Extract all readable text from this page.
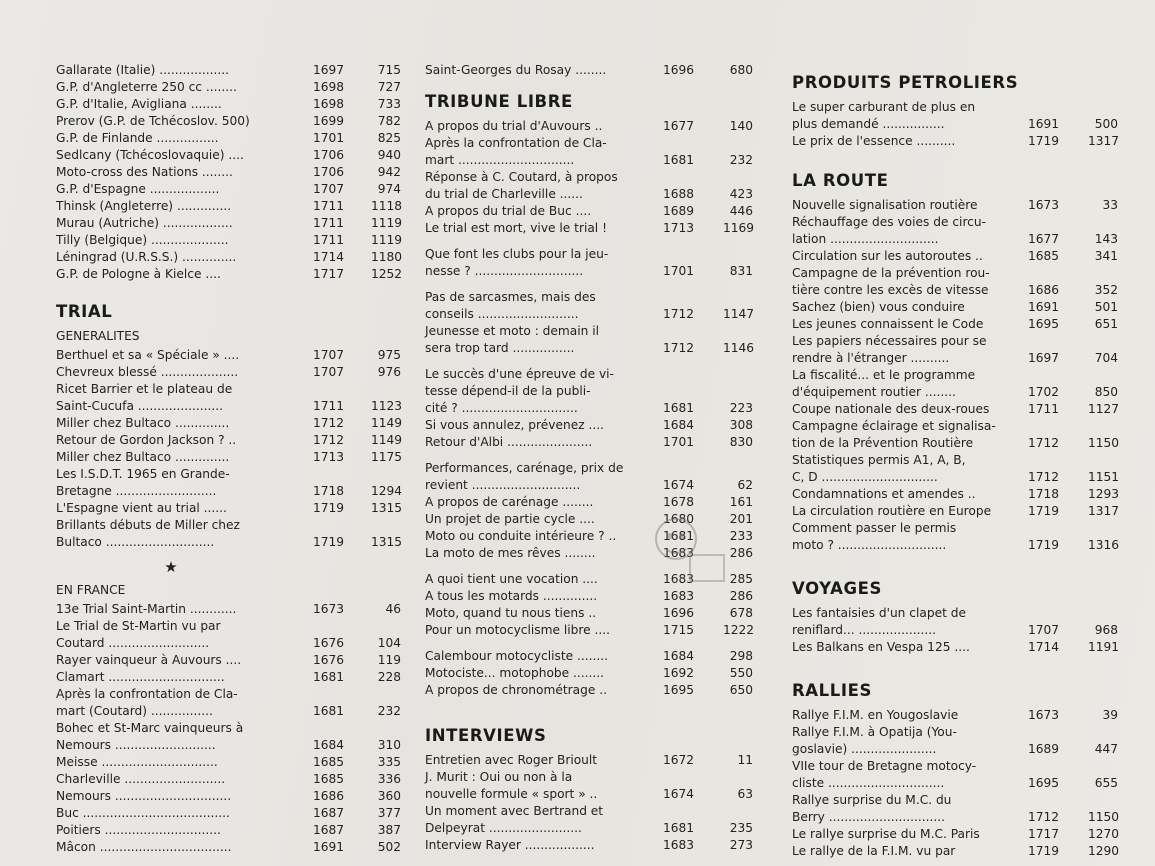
Gallarate (Italie) ..................	1697	715
G.P. d'Angleterre 250 cc ........	1698	727
G.P. d'Italie, Avigliana ........	1698	733
Prerov (G.P. de Tchécoslov. 500)	1699	782
G.P. de Finlande ................	1701	825
Sedlcany (Tchécoslovaquie) ....	1706	940
Moto-cross des Nations ........	1706	942
G.P. d'Espagne ..................	1707	974
Thinsk (Angleterre) ..............	1711	1118
Murau (Autriche) ..................	1711	1119
Tilly (Belgique) ....................	1711	1119
Léningrad (U.R.S.S.) ..............	1714	1180
G.P. de Pologne à Kielce ....	1717	1252
TRIAL
GENERALITES
Berthuel et sa « Spéciale » ....	1707	975
Chevreux blessé ....................	1707	976
Ricet Barrier et le plateau de
Saint-Cucufa ......................	1711	1123
Miller chez Bultaco ..............	1712	1149
Retour de Gordon Jackson ? ..	1712	1149
Miller chez Bultaco ..............	1713	1175
Les I.S.D.T. 1965 en Grande-
Bretagne ..........................	1718	1294
L'Espagne vient au trial ......	1719	1315
Brillants débuts de Miller chez
Bultaco ............................	1719	1315
★
EN FRANCE
13e Trial Saint-Martin ............	1673	46
Le Trial de St-Martin vu par
Coutard ..........................	1676	104
Rayer vainqueur à Auvours ....	1676	119
Clamart ..............................	1681	228
Après la confrontation de Cla-
mart (Coutard) ................	1681	232
Bohec et St-Marc vainqueurs à
Nemours ..........................	1684	310
Meisse ..............................	1685	335
Charleville ..........................	1685	336
Nemours ..............................	1686	360
Buc ......................................	1687	377
Poitiers ..............................	1687	387
Mâcon ..................................	1691	502
Saint-Georges du Rosay ........	1696	680
TRIBUNE LIBRE
A propos du trial d'Auvours ..	1677	140
Après la confrontation de Cla-
mart ..............................	1681	232
Réponse à C. Coutard, à propos
du trial de Charleville ......	1688	423
A propos du trial de Buc ....	1689	446
Le trial est mort, vive le trial !	1713	1169
Que font les clubs pour la jeu-
nesse ? ............................	1701	831
Pas de sarcasmes, mais des
conseils ..........................	1712	1147
Jeunesse et moto : demain il
sera trop tard ................	1712	1146
Le succès d'une épreuve de vi-
tesse dépend-il de la publi-
cité ? ..............................	1681	223
Si vous annulez, prévenez ....	1684	308
Retour d'Albi ......................	1701	830
Performances, carénage, prix de
revient ............................	1674	62
A propos de carénage ........	1678	161
Un projet de partie cycle ....	1680	201
Moto ou conduite intérieure ? ..	1681	233
La moto de mes rêves ........	1683	286
A quoi tient une vocation ....	1683	285
A tous les motards ..............	1683	286
Moto, quand tu nous tiens ..	1696	678
Pour un motocyclisme libre ....	1715	1222
Calembour motocycliste ........	1684	298
Motociste... motophobe ........	1692	550
A propos de chronométrage ..	1695	650
INTERVIEWS
Entretien avec Roger Brioult	1672	11
J. Murit : Oui ou non à la
nouvelle formule « sport » ..	1674	63
Un moment avec Bertrand et
Delpeyrat ........................	1681	235
Interview Rayer ..................	1683	273
PRODUITS PETROLIERS
Le super carburant de plus en
plus demandé ................	1691	500
Le prix de l'essence ..........	1719	1317
LA ROUTE
Nouvelle signalisation routière	1673	33
Réchauffage des voies de circu-
lation ............................	1677	143
Circulation sur les autoroutes ..	1685	341
Campagne de la prévention rou-
tière contre les excès de vitesse	1686	352
Sachez (bien) vous conduire	1691	501
Les jeunes connaissent le Code	1695	651
Les papiers nécessaires pour se
rendre à l'étranger ..........	1697	704
La fiscalité... et le programme
d'équipement routier ........	1702	850
Coupe nationale des deux-roues	1711	1127
Campagne éclairage et signalisa-
tion de la Prévention Routière	1712	1150
Statistiques permis A1, A, B,
C, D ..............................	1712	1151
Condamnations et amendes ..	1718	1293
La circulation routière en Europe	1719	1317
Comment passer le permis
moto ? ............................	1719	1316
VOYAGES
Les fantaisies d'un clapet de
reniflard... ....................	1707	968
Les Balkans en Vespa 125 ....	1714	1191
RALLIES
Rallye F.I.M. en Yougoslavie	1673	39
Rallye F.I.M. à Opatija (You-
goslavie) ......................	1689	447
VIIe tour de Bretagne motocy-
cliste ..............................	1695	655
Rallye surprise du M.C. du
Berry ..............................	1712	1150
Le rallye surprise du M.C. Paris	1717	1270
Le rallye de la F.I.M. vu par	1719	1290
